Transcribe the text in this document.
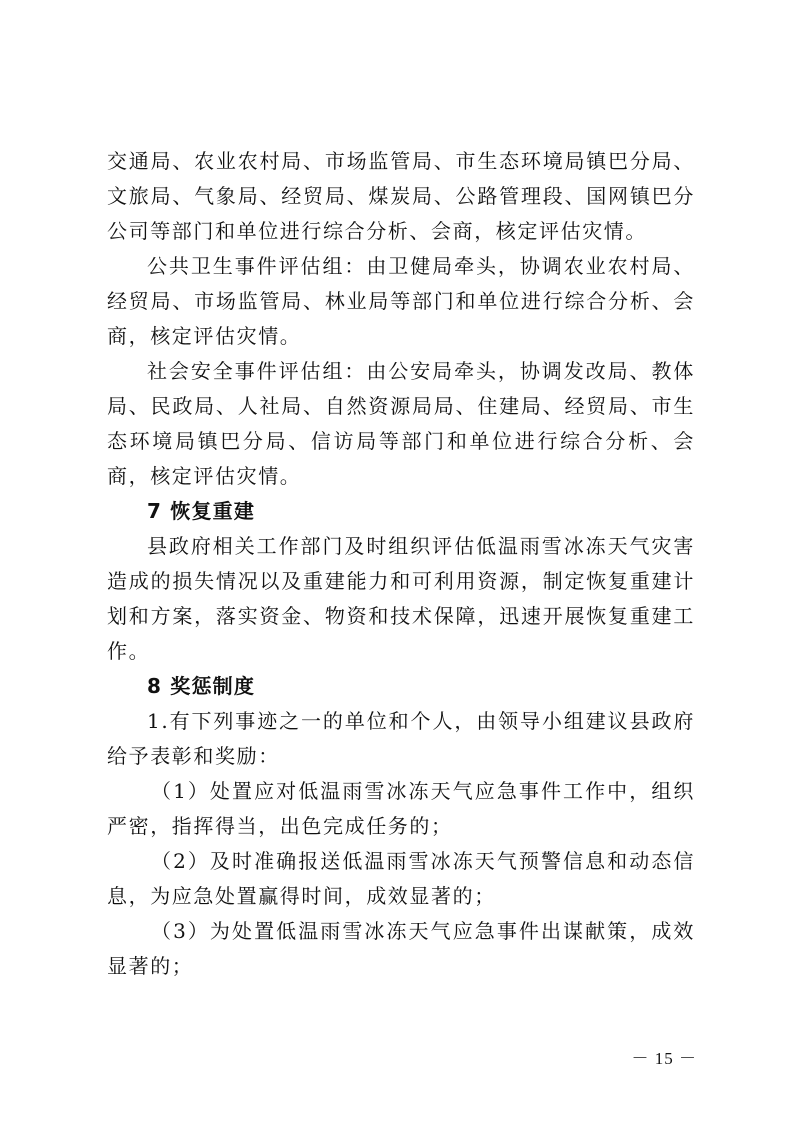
交通局、农业农村局、市场监管局、市生态环境局镇巴分局、文旅局、气象局、经贸局、煤炭局、公路管理段、国网镇巴分公司等部门和单位进行综合分析、会商，核定评估灾情。

公共卫生事件评估组：由卫健局牵头，协调农业农村局、经贸局、市场监管局、林业局等部门和单位进行综合分析、会商，核定评估灾情。

社会安全事件评估组：由公安局牵头，协调发改局、教体局、民政局、人社局、自然资源局局、住建局、经贸局、市生态环境局镇巴分局、信访局等部门和单位进行综合分析、会商，核定评估灾情。

7 恢复重建

县政府相关工作部门及时组织评估低温雨雪冰冻天气灾害造成的损失情况以及重建能力和可利用资源，制定恢复重建计划和方案，落实资金、物资和技术保障，迅速开展恢复重建工作。

8 奖惩制度

1.有下列事迹之一的单位和个人，由领导小组建议县政府给予表彰和奖励：

（1）处置应对低温雨雪冰冻天气应急事件工作中，组织严密，指挥得当，出色完成任务的；

（2）及时准确报送低温雨雪冰冻天气预警信息和动态信息，为应急处置赢得时间，成效显著的；

（3）为处置低温雨雪冰冻天气应急事件出谋献策，成效显著的；

－ 15 －
